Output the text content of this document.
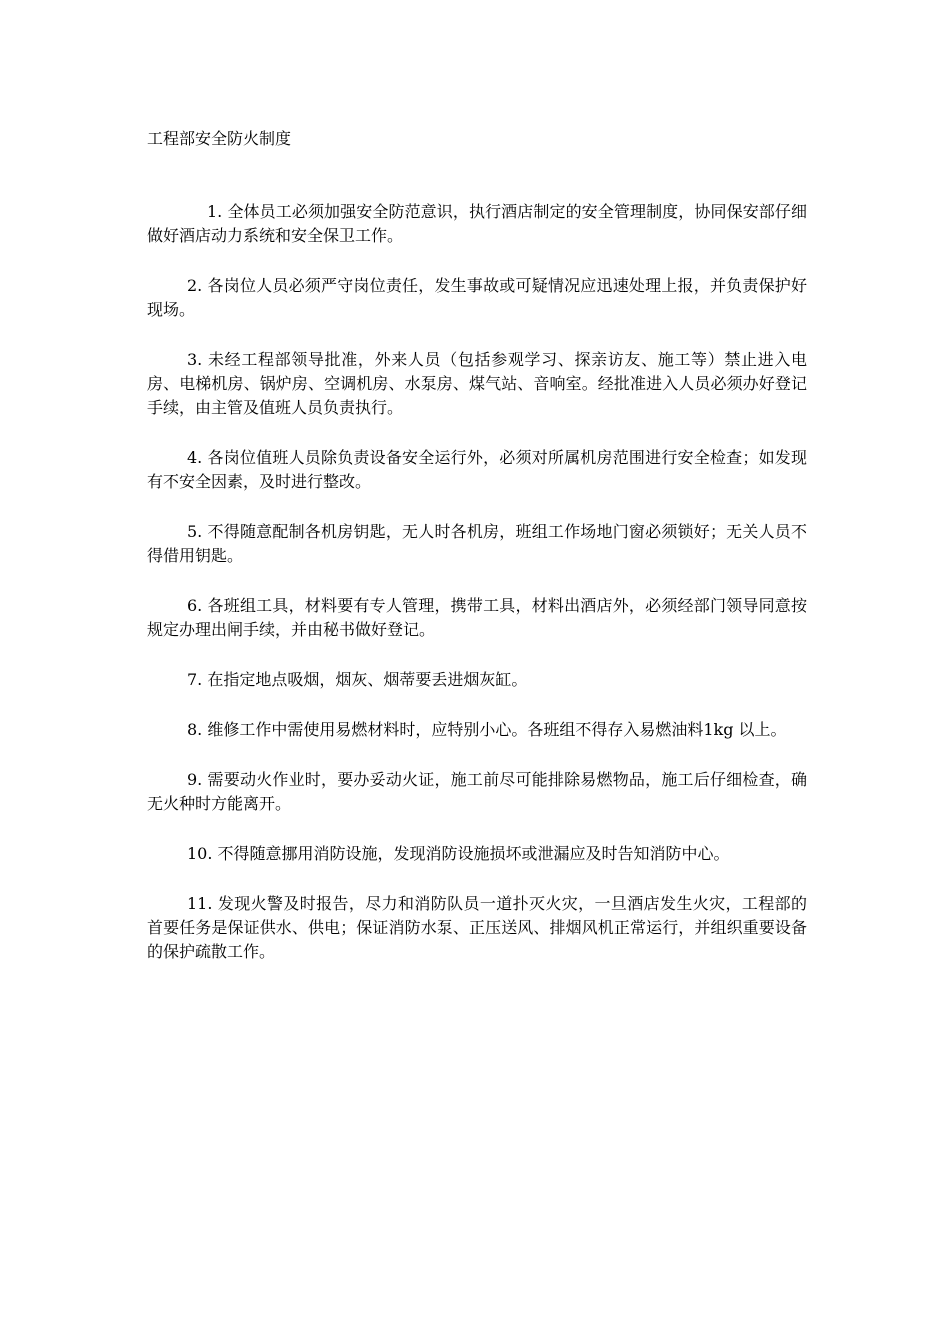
工程部安全防火制度

1. 全体员工必须加强安全防范意识，执行酒店制定的安全管理制度，协同保安部仔细做好酒店动力系统和安全保卫工作。

2. 各岗位人员必须严守岗位责任，发生事故或可疑情况应迅速处理上报，并负责保护好现场。

3. 未经工程部领导批准，外来人员（包括参观学习、探亲访友、施工等）禁止进入电房、电梯机房、锅炉房、空调机房、水泵房、煤气站、音响室。经批准进入人员必须办好登记手续，由主管及值班人员负责执行。

4. 各岗位值班人员除负责设备安全运行外，必须对所属机房范围进行安全检查；如发现有不安全因素，及时进行整改。

5. 不得随意配制各机房钥匙，无人时各机房，班组工作场地门窗必须锁好；无关人员不得借用钥匙。

6. 各班组工具，材料要有专人管理，携带工具，材料出酒店外，必须经部门领导同意按规定办理出闸手续，并由秘书做好登记。

7. 在指定地点吸烟，烟灰、烟蒂要丢进烟灰缸。

8. 维修工作中需使用易燃材料时，应特别小心。各班组不得存入易燃油料1kg 以上。

9. 需要动火作业时，要办妥动火证，施工前尽可能排除易燃物品，施工后仔细检查，确无火种时方能离开。

10. 不得随意挪用消防设施，发现消防设施损坏或泄漏应及时告知消防中心。

11. 发现火警及时报告，尽力和消防队员一道扑灭火灾，一旦酒店发生火灾，工程部的首要任务是保证供水、供电；保证消防水泵、正压送风、排烟风机正常运行，并组织重要设备的保护疏散工作。
